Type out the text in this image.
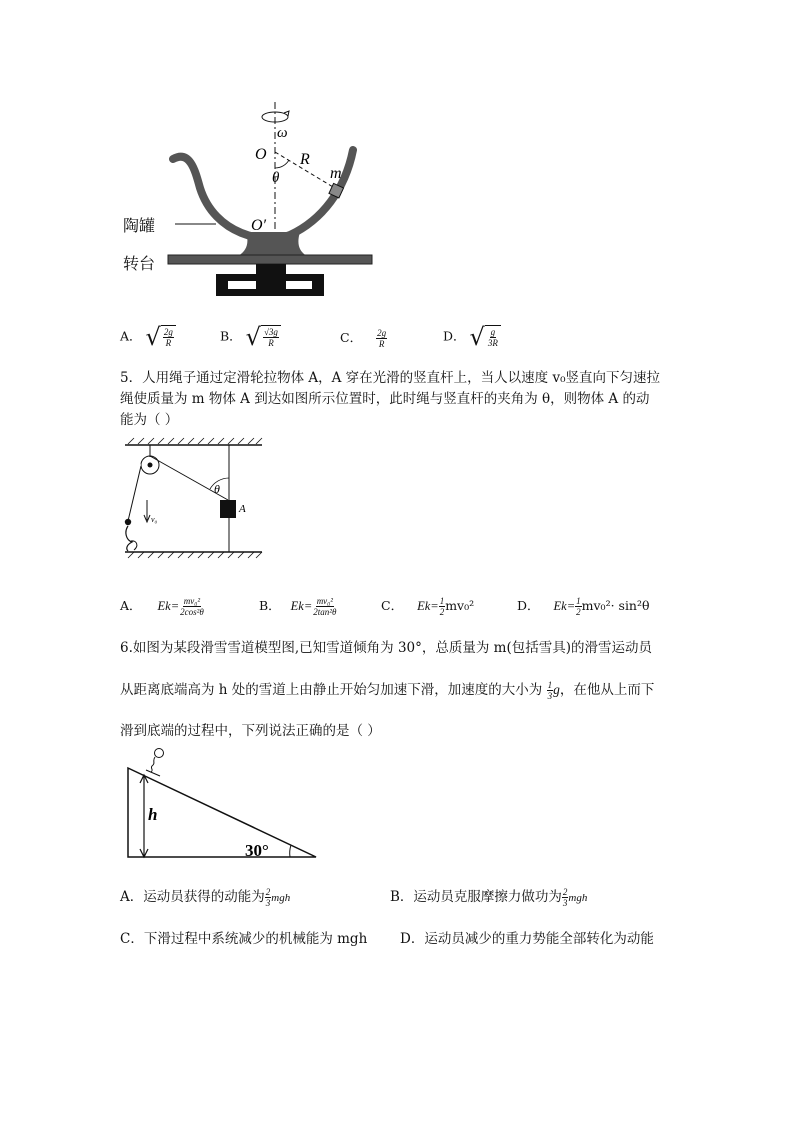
ω
O R
θ	m
O′
陶罐
转台
A． √ $\frac{2g}{R}$	B． √ $\frac{√3g}{R}$	C． $\frac{2g}{R}$	D． √ $\frac{g}{3R}$
5．人用绳子通过定滑轮拉物体 A，A 穿在光滑的竖直杆上，当人以速度 v₀竖直向下匀速拉
绳使质量为 m 物体 A 到达如图所示位置时，此时绳与竖直杆的夹角为 θ，则物体 A 的动
能为（ ）
θ
A
v₀
A． $Ek= \frac{\text{mv₀²}}{\text{2cos²θ}}$	B． $Ek= \frac{\text{mv₀²}}{\text{2tan²θ}}$	C． $Ek= \frac{1}{2} mv_0^2$	D． $Ek= \frac{1}{2} mv_0^2\cdot \sin^2\theta$
6.如图为某段滑雪雪道模型图,已知雪道倾角为 30°，总质量为 m(包括雪具)的滑雪运动员
从距离底端高为 h 处的雪道上由静止开始匀加速下滑，加速度的大小为 $\frac{1}{3}$ g，在他从上而下
滑到底端的过程中，下列说法正确的是（ ）
h
30°
A．运动员获得的动能为 $\frac{2}{3}$ mgh	B．运动员克服摩擦力做功为 $\frac{2}{3}$ mgh
C．下滑过程中系统减少的机械能为 mgh D．运动员减少的重力势能全部转化为动能
